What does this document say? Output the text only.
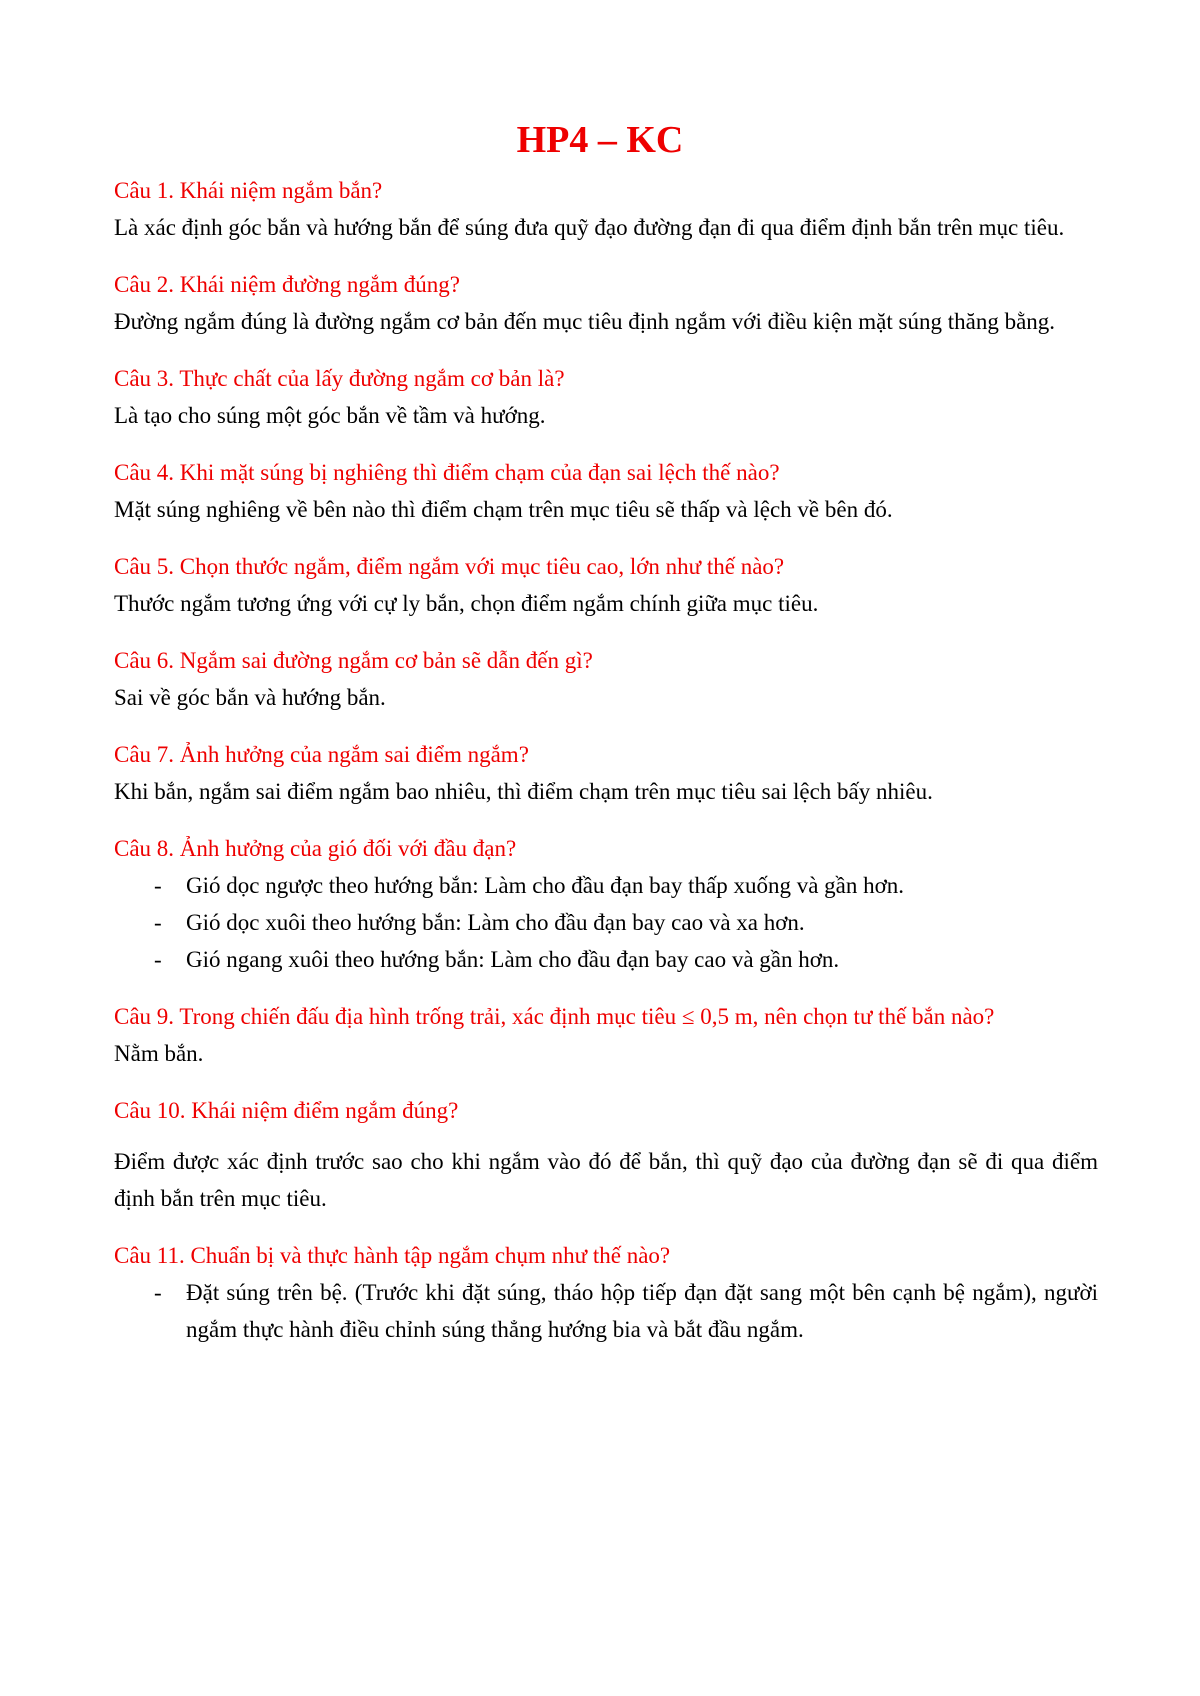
HP4 – KC

Câu 1. Khái niệm ngắm bắn?

Là xác định góc bắn và hướng bắn để súng đưa quỹ đạo đường đạn đi qua điểm định bắn trên mục tiêu.

Câu 2. Khái niệm đường ngắm đúng?

Đường ngắm đúng là đường ngắm cơ bản đến mục tiêu định ngắm với điều kiện mặt súng thăng bằng.

Câu 3. Thực chất của lấy đường ngắm cơ bản là?

Là tạo cho súng một góc bắn về tầm và hướng.

Câu 4. Khi mặt súng bị nghiêng thì điểm chạm của đạn sai lệch thế nào?

Mặt súng nghiêng về bên nào thì điểm chạm trên mục tiêu sẽ thấp và lệch về bên đó.

Câu 5. Chọn thước ngắm, điểm ngắm với mục tiêu cao, lớn như thế nào?

Thước ngắm tương ứng với cự ly bắn, chọn điểm ngắm chính giữa mục tiêu.

Câu 6. Ngắm sai đường ngắm cơ bản sẽ dẫn đến gì?

Sai về góc bắn và hướng bắn.

Câu 7. Ảnh hưởng của ngắm sai điểm ngắm?

Khi bắn, ngắm sai điểm ngắm bao nhiêu, thì điểm chạm trên mục tiêu sai lệch bấy nhiêu.

Câu 8. Ảnh hưởng của gió đối với đầu đạn?

- Gió dọc ngược theo hướng bắn: Làm cho đầu đạn bay thấp xuống và gần hơn.
- Gió dọc xuôi theo hướng bắn: Làm cho đầu đạn bay cao và xa hơn.
- Gió ngang xuôi theo hướng bắn: Làm cho đầu đạn bay cao và gần hơn.

Câu 9. Trong chiến đấu địa hình trống trải, xác định mục tiêu ≤ 0,5 m, nên chọn tư thế bắn nào?

Nằm bắn.

Câu 10. Khái niệm điểm ngắm đúng?

Điểm được xác định trước sao cho khi ngắm vào đó để bắn, thì quỹ đạo của đường đạn sẽ đi qua điểm định bắn trên mục tiêu.

Câu 11. Chuẩn bị và thực hành tập ngắm chụm như thế nào?

- Đặt súng trên bệ. (Trước khi đặt súng, tháo hộp tiếp đạn đặt sang một bên cạnh bệ ngắm), người ngắm thực hành điều chỉnh súng thẳng hướng bia và bắt đầu ngắm.
